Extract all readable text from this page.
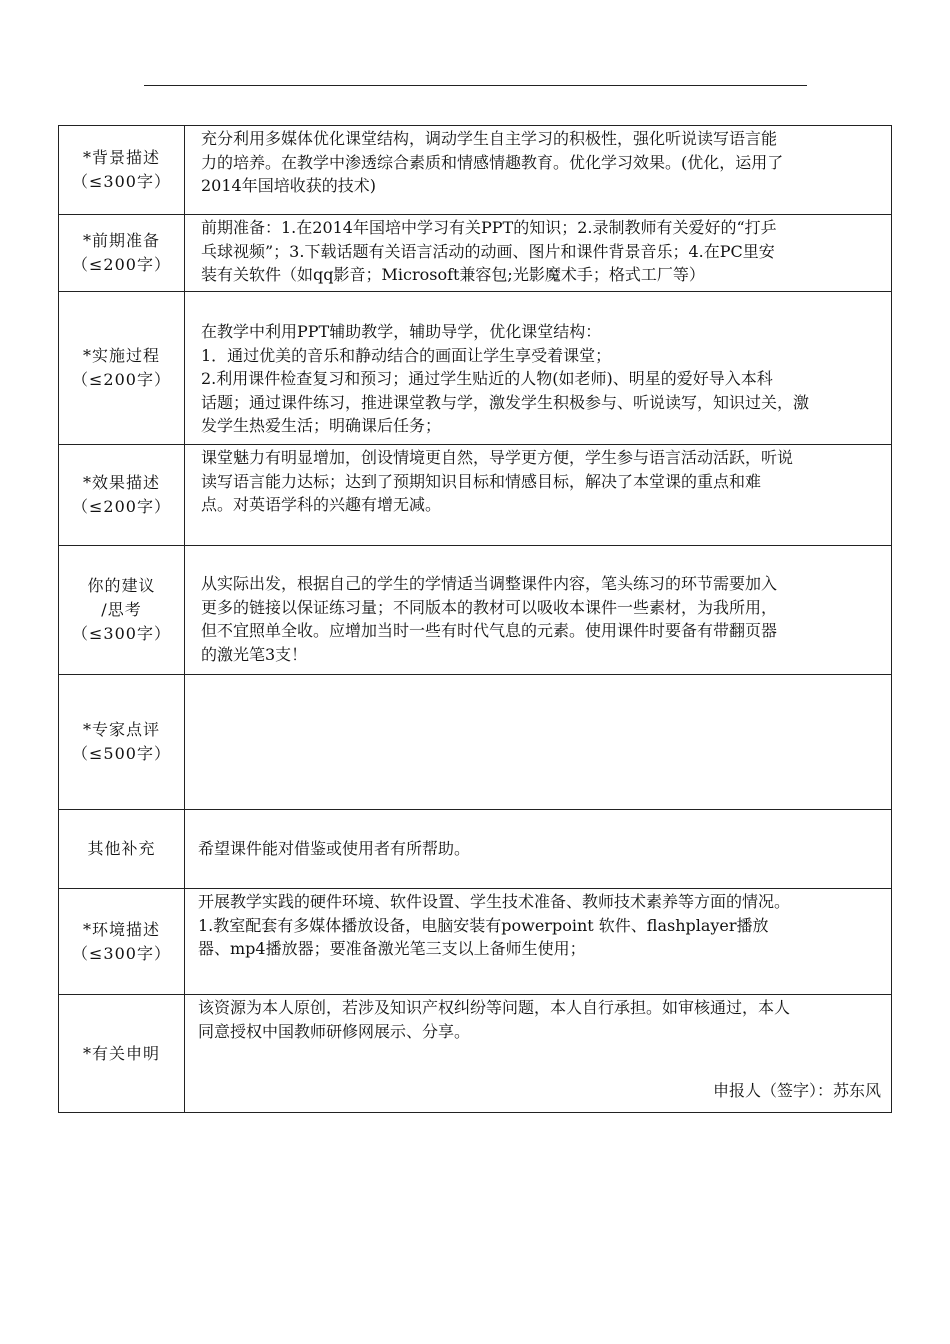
*背景描述
（≤300字）	充分利用多媒体优化课堂结构，调动学生自主学习的积极性，强化听说读写语言能
力的培养。在教学中渗透综合素质和情感情趣教育。优化学习效果。(优化，运用了
2014年国培收获的技术)

*前期准备
（≤200字）	前期准备：1.在2014年国培中学习有关PPT的知识；2.录制教师有关爱好的“打乒
乓球视频”；3.下载话题有关语言活动的动画、图片和课件背景音乐；4.在PC里安
装有关软件（如qq影音；Microsoft兼容包;光影魔术手；格式工厂等）

*实施过程
（≤200字）	在教学中利用PPT辅助教学，辅助导学，优化课堂结构：
1．通过优美的音乐和静动结合的画面让学生享受着课堂；
2.利用课件检查复习和预习；通过学生贴近的人物(如老师)、明星的爱好导入本科
话题；通过课件练习，推进课堂教与学，激发学生积极参与、听说读写，知识过关，激
发学生热爱生活；明确课后任务；

*效果描述
（≤200字）	课堂魅力有明显增加，创设情境更自然，导学更方便，学生参与语言活动活跃，听说
读写语言能力达标；达到了预期知识目标和情感目标，解决了本堂课的重点和难
点。对英语学科的兴趣有增无减。

你的建议
/思考
（≤300字）	从实际出发，根据自己的学生的学情适当调整课件内容，笔头练习的环节需要加入
更多的链接以保证练习量；不同版本的教材可以吸收本课件一些素材，为我所用，
但不宜照单全收。应增加当时一些有时代气息的元素。使用课件时要备有带翻页器
的激光笔3支！

*专家点评
（≤500字）	

其他补充	希望课件能对借鉴或使用者有所帮助。

*环境描述
（≤300字）	开展教学实践的硬件环境、软件设置、学生技术准备、教师技术素养等方面的情况。
1.教室配套有多媒体播放设备，电脑安装有powerpoint 软件、flashplayer播放
器、mp4播放器；要准备激光笔三支以上备师生使用；

*有关申明	该资源为本人原创，若涉及知识产权纠纷等问题，本人自行承担。如审核通过，本人
同意授权中国教师研修网展示、分享。
申报人（签字）：苏东风
